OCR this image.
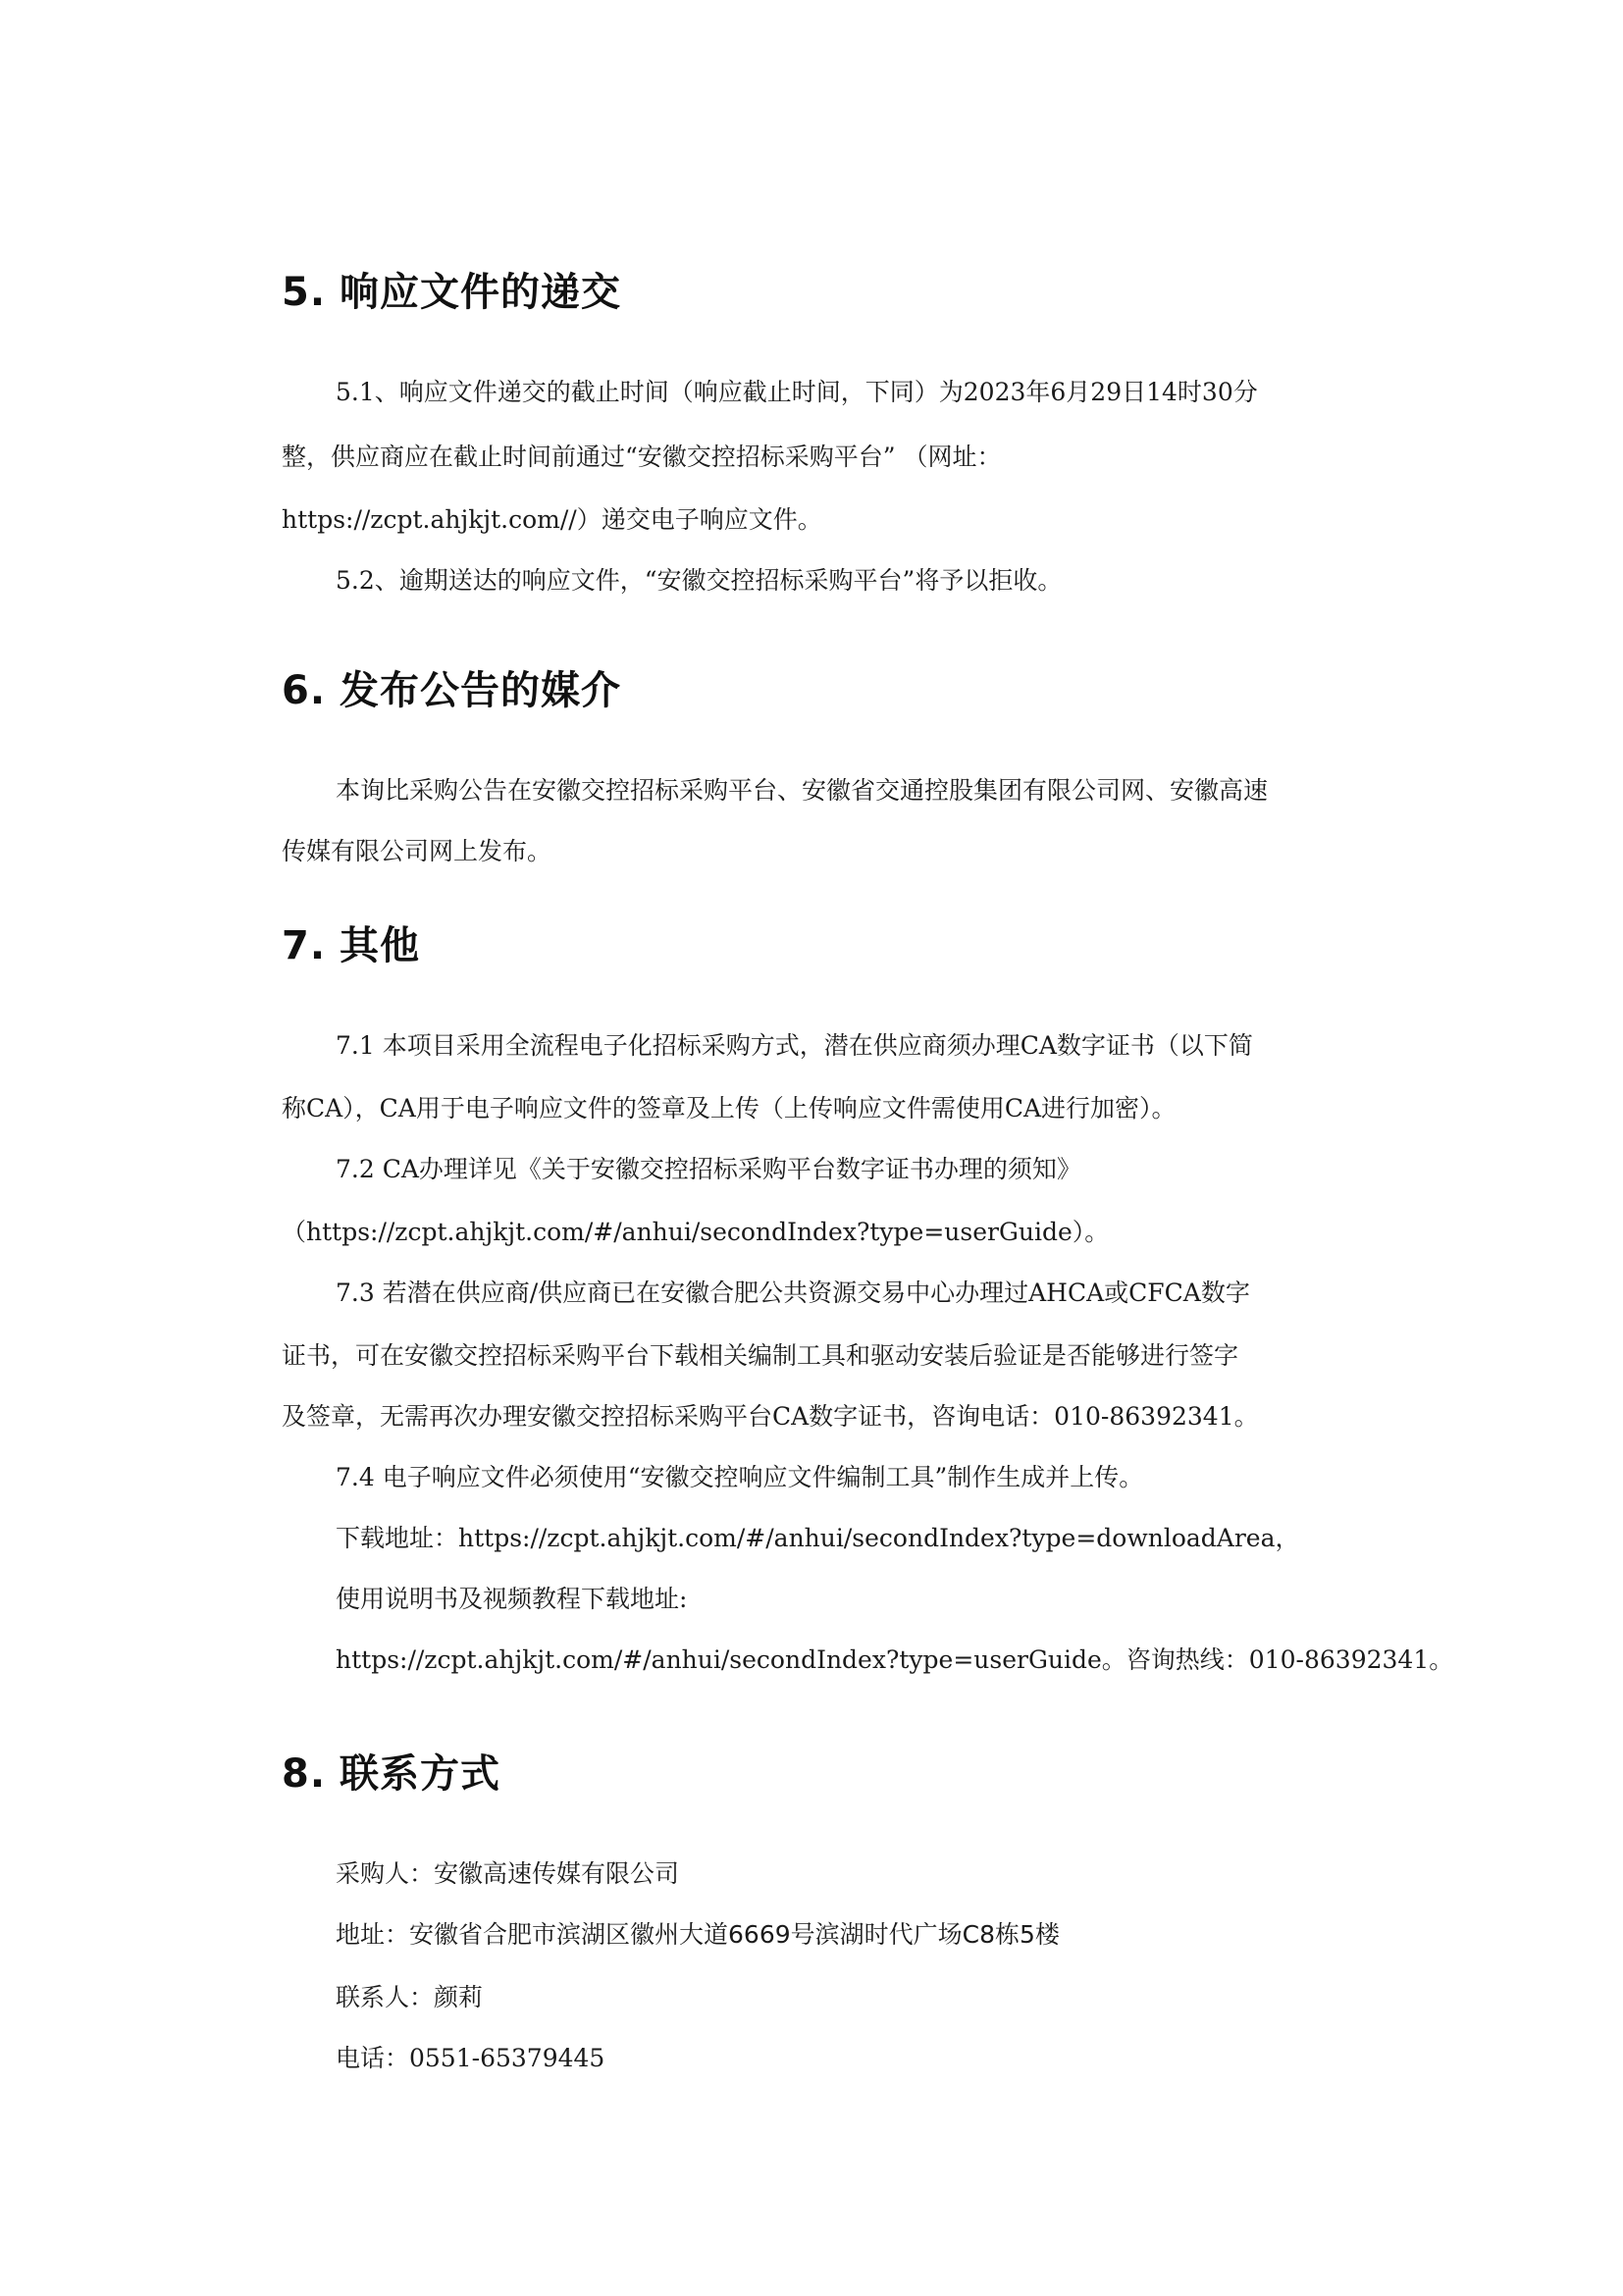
5. 响应文件的递交
5.1、响应文件递交的截止时间（响应截止时间，下同）为2023年6月29日14时30分
整，供应商应在截止时间前通过“安徽交控招标采购平台” （网址：
https://zcpt.ahjkjt.com//）递交电子响应文件。
5.2、逾期送达的响应文件，“安徽交控招标采购平台”将予以拒收。
6. 发布公告的媒介
本询比采购公告在安徽交控招标采购平台、安徽省交通控股集团有限公司网、安徽高速
传媒有限公司网上发布。
7. 其他
7.1 本项目采用全流程电子化招标采购方式，潜在供应商须办理CA数字证书（以下简
称CA），CA用于电子响应文件的签章及上传（上传响应文件需使用CA进行加密）。
7.2 CA办理详见《关于安徽交控招标采购平台数字证书办理的须知》
（https://zcpt.ahjkjt.com/#/anhui/secondIndex?type=userGuide）。
7.3 若潜在供应商/供应商已在安徽合肥公共资源交易中心办理过AHCA或CFCA数字
证书，可在安徽交控招标采购平台下载相关编制工具和驱动安装后验证是否能够进行签字
及签章，无需再次办理安徽交控招标采购平台CA数字证书，咨询电话：010-86392341。
7.4 电子响应文件必须使用“安徽交控响应文件编制工具”制作生成并上传。
下载地址：https://zcpt.ahjkjt.com/#/anhui/secondIndex?type=downloadArea，
使用说明书及视频教程下载地址:
https://zcpt.ahjkjt.com/#/anhui/secondIndex?type=userGuide。咨询热线：010-86392341。
8. 联系方式
采购人：安徽高速传媒有限公司
地址：安徽省合肥市滨湖区徽州大道6669号滨湖时代广场C8栋5楼
联系人：颜莉
电话：0551-65379445
